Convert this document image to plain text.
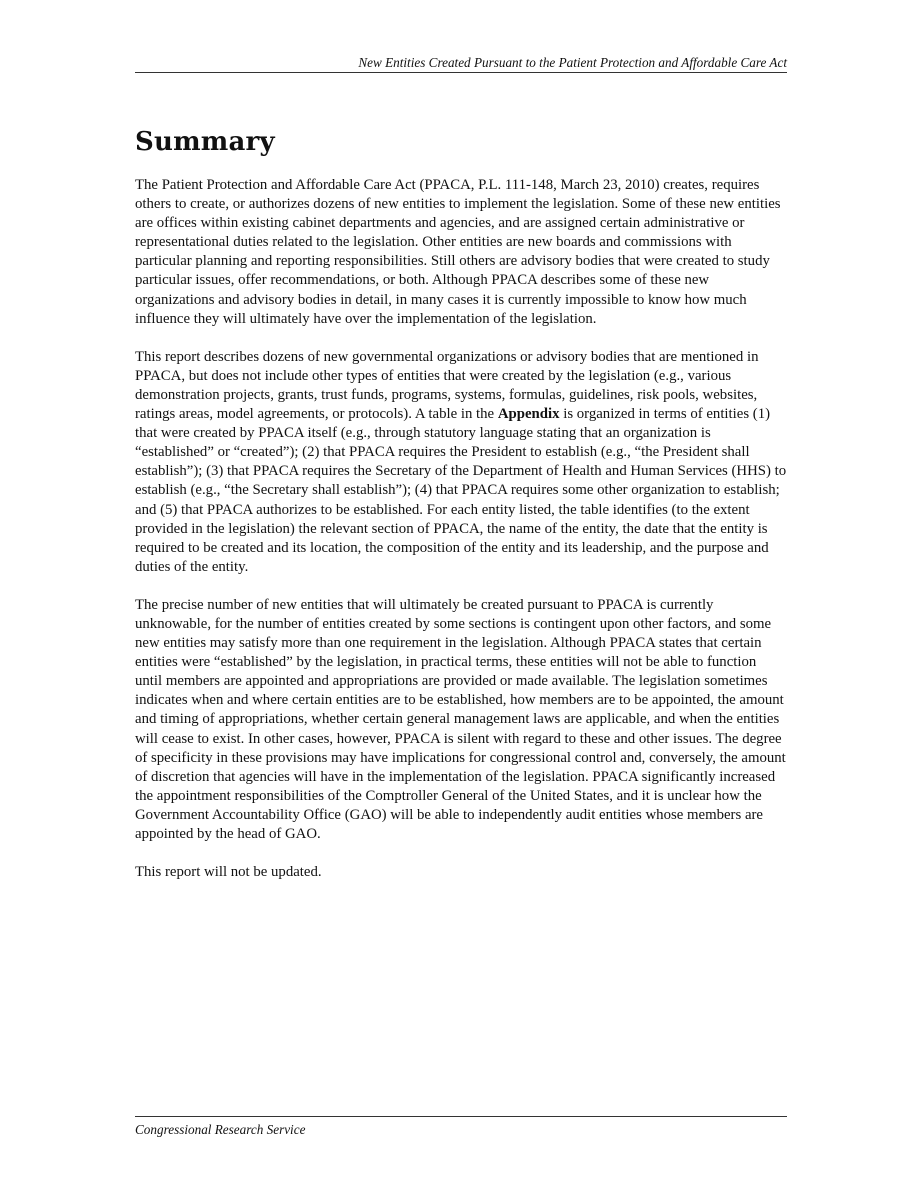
New Entities Created Pursuant to the Patient Protection and Affordable Care Act
Summary

The Patient Protection and Affordable Care Act (PPACA, P.L. 111-148, March 23, 2010) creates, requires others to create, or authorizes dozens of new entities to implement the legislation. Some of these new entities are offices within existing cabinet departments and agencies, and are assigned certain administrative or representational duties related to the legislation. Other entities are new boards and commissions with particular planning and reporting responsibilities. Still others are advisory bodies that were created to study particular issues, offer recommendations, or both. Although PPACA describes some of these new organizations and advisory bodies in detail, in many cases it is currently impossible to know how much influence they will ultimately have over the implementation of the legislation.

This report describes dozens of new governmental organizations or advisory bodies that are mentioned in PPACA, but does not include other types of entities that were created by the legislation (e.g., various demonstration projects, grants, trust funds, programs, systems, formulas, guidelines, risk pools, websites, ratings areas, model agreements, or protocols). A table in the Appendix is organized in terms of entities (1) that were created by PPACA itself (e.g., through statutory language stating that an organization is “established” or “created”); (2) that PPACA requires the President to establish (e.g., “the President shall establish”); (3) that PPACA requires the Secretary of the Department of Health and Human Services (HHS) to establish (e.g., “the Secretary shall establish”); (4) that PPACA requires some other organization to establish; and (5) that PPACA authorizes to be established. For each entity listed, the table identifies (to the extent provided in the legislation) the relevant section of PPACA, the name of the entity, the date that the entity is required to be created and its location, the composition of the entity and its leadership, and the purpose and duties of the entity.

The precise number of new entities that will ultimately be created pursuant to PPACA is currently unknowable, for the number of entities created by some sections is contingent upon other factors, and some new entities may satisfy more than one requirement in the legislation. Although PPACA states that certain entities were “established” by the legislation, in practical terms, these entities will not be able to function until members are appointed and appropriations are provided or made available. The legislation sometimes indicates when and where certain entities are to be established, how members are to be appointed, the amount and timing of appropriations, whether certain general management laws are applicable, and when the entities will cease to exist. In other cases, however, PPACA is silent with regard to these and other issues. The degree of specificity in these provisions may have implications for congressional control and, conversely, the amount of discretion that agencies will have in the implementation of the legislation. PPACA significantly increased the appointment responsibilities of the Comptroller General of the United States, and it is unclear how the Government Accountability Office (GAO) will be able to independently audit entities whose members are appointed by the head of GAO.

This report will not be updated.

Congressional Research Service
